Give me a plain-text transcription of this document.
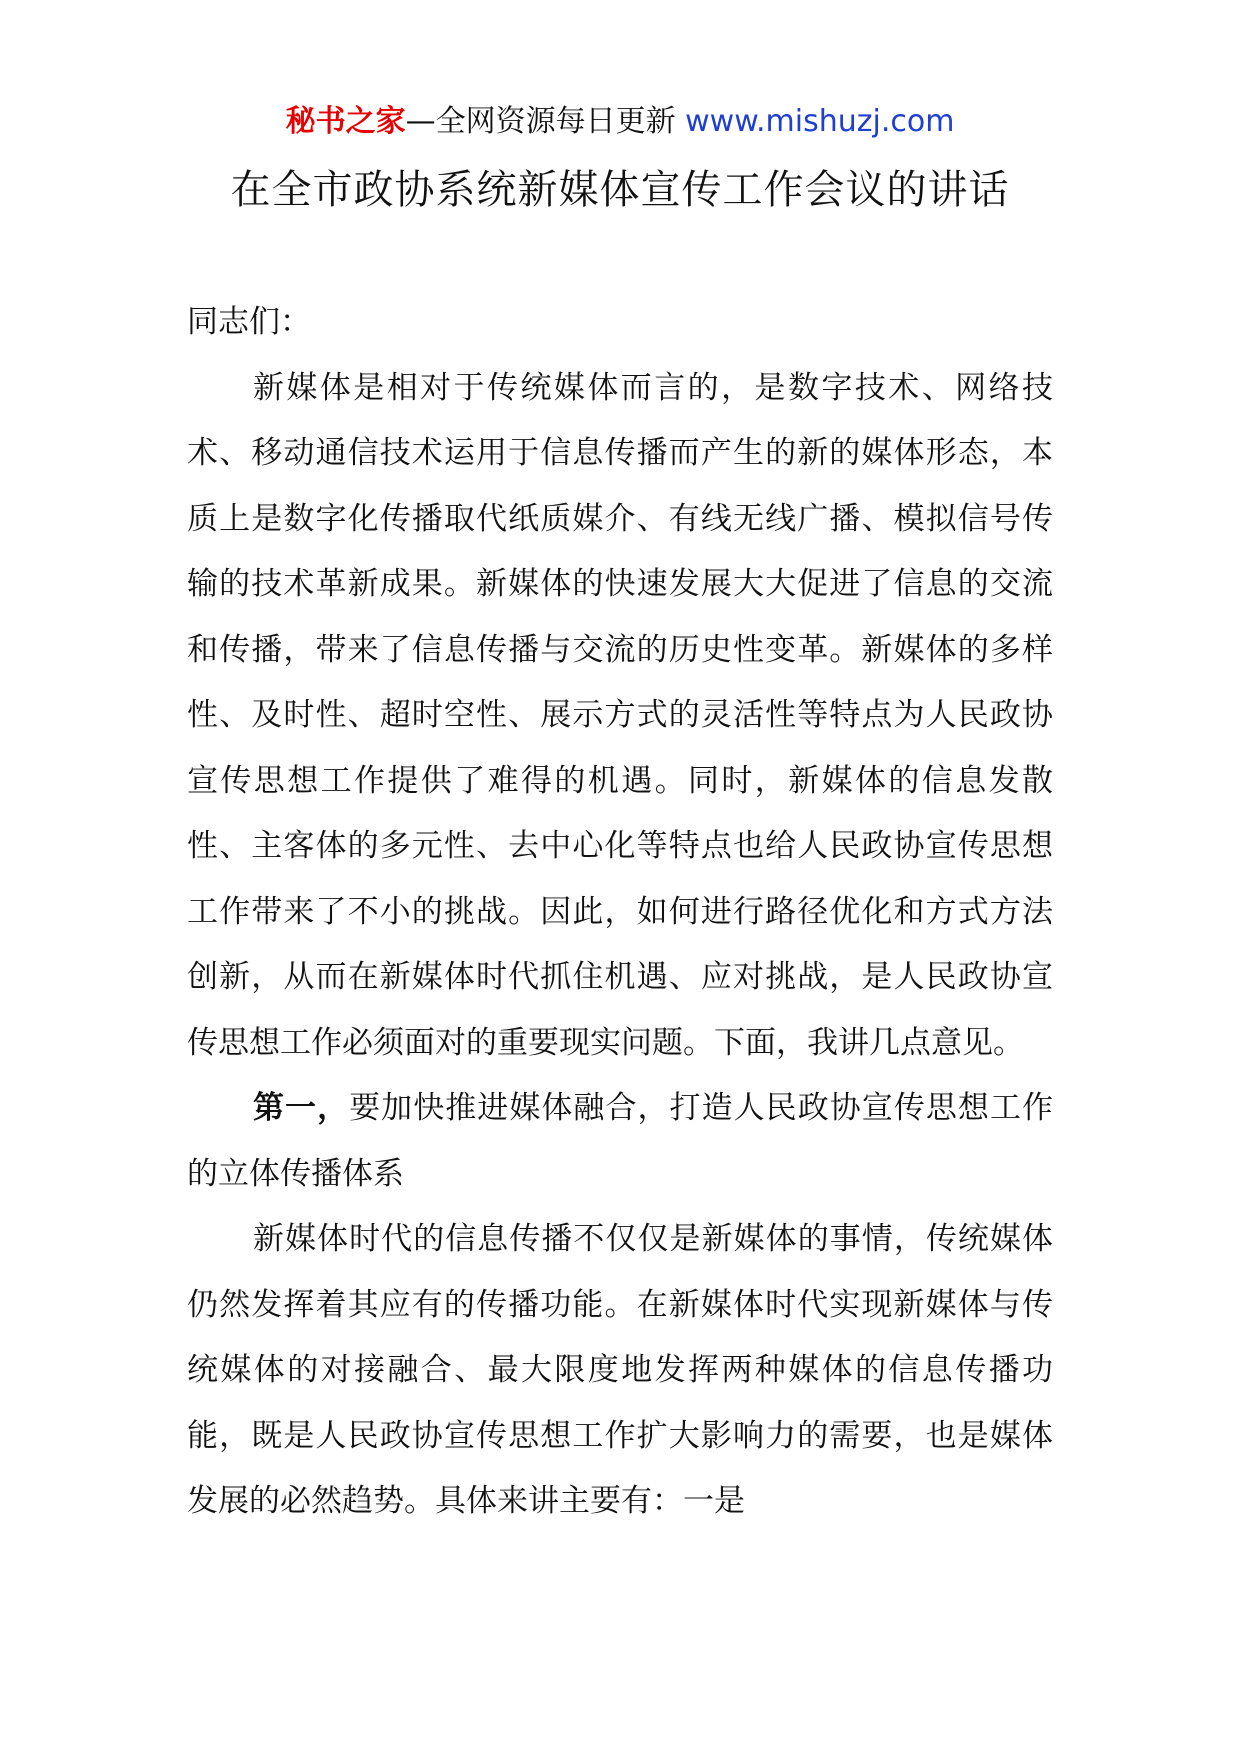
秘书之家—全网资源每日更新 www.mishuzj.com
在全市政协系统新媒体宣传工作会议的讲话

同志们：

新媒体是相对于传统媒体而言的，是数字技术、网络技术、移动通信技术运用于信息传播而产生的新的媒体形态，本质上是数字化传播取代纸质媒介、有线无线广播、模拟信号传输的技术革新成果。新媒体的快速发展大大促进了信息的交流和传播，带来了信息传播与交流的历史性变革。新媒体的多样性、及时性、超时空性、展示方式的灵活性等特点为人民政协宣传思想工作提供了难得的机遇。同时，新媒体的信息发散性、主客体的多元性、去中心化等特点也给人民政协宣传思想工作带来了不小的挑战。因此，如何进行路径优化和方式方法创新，从而在新媒体时代抓住机遇、应对挑战，是人民政协宣传思想工作必须面对的重要现实问题。下面，我讲几点意见。

第一，要加快推进媒体融合，打造人民政协宣传思想工作的立体传播体系

新媒体时代的信息传播不仅仅是新媒体的事情，传统媒体仍然发挥着其应有的传播功能。在新媒体时代实现新媒体与传统媒体的对接融合、最大限度地发挥两种媒体的信息传播功能，既是人民政协宣传思想工作扩大影响力的需要，也是媒体发展的必然趋势。具体来讲主要有：一是
